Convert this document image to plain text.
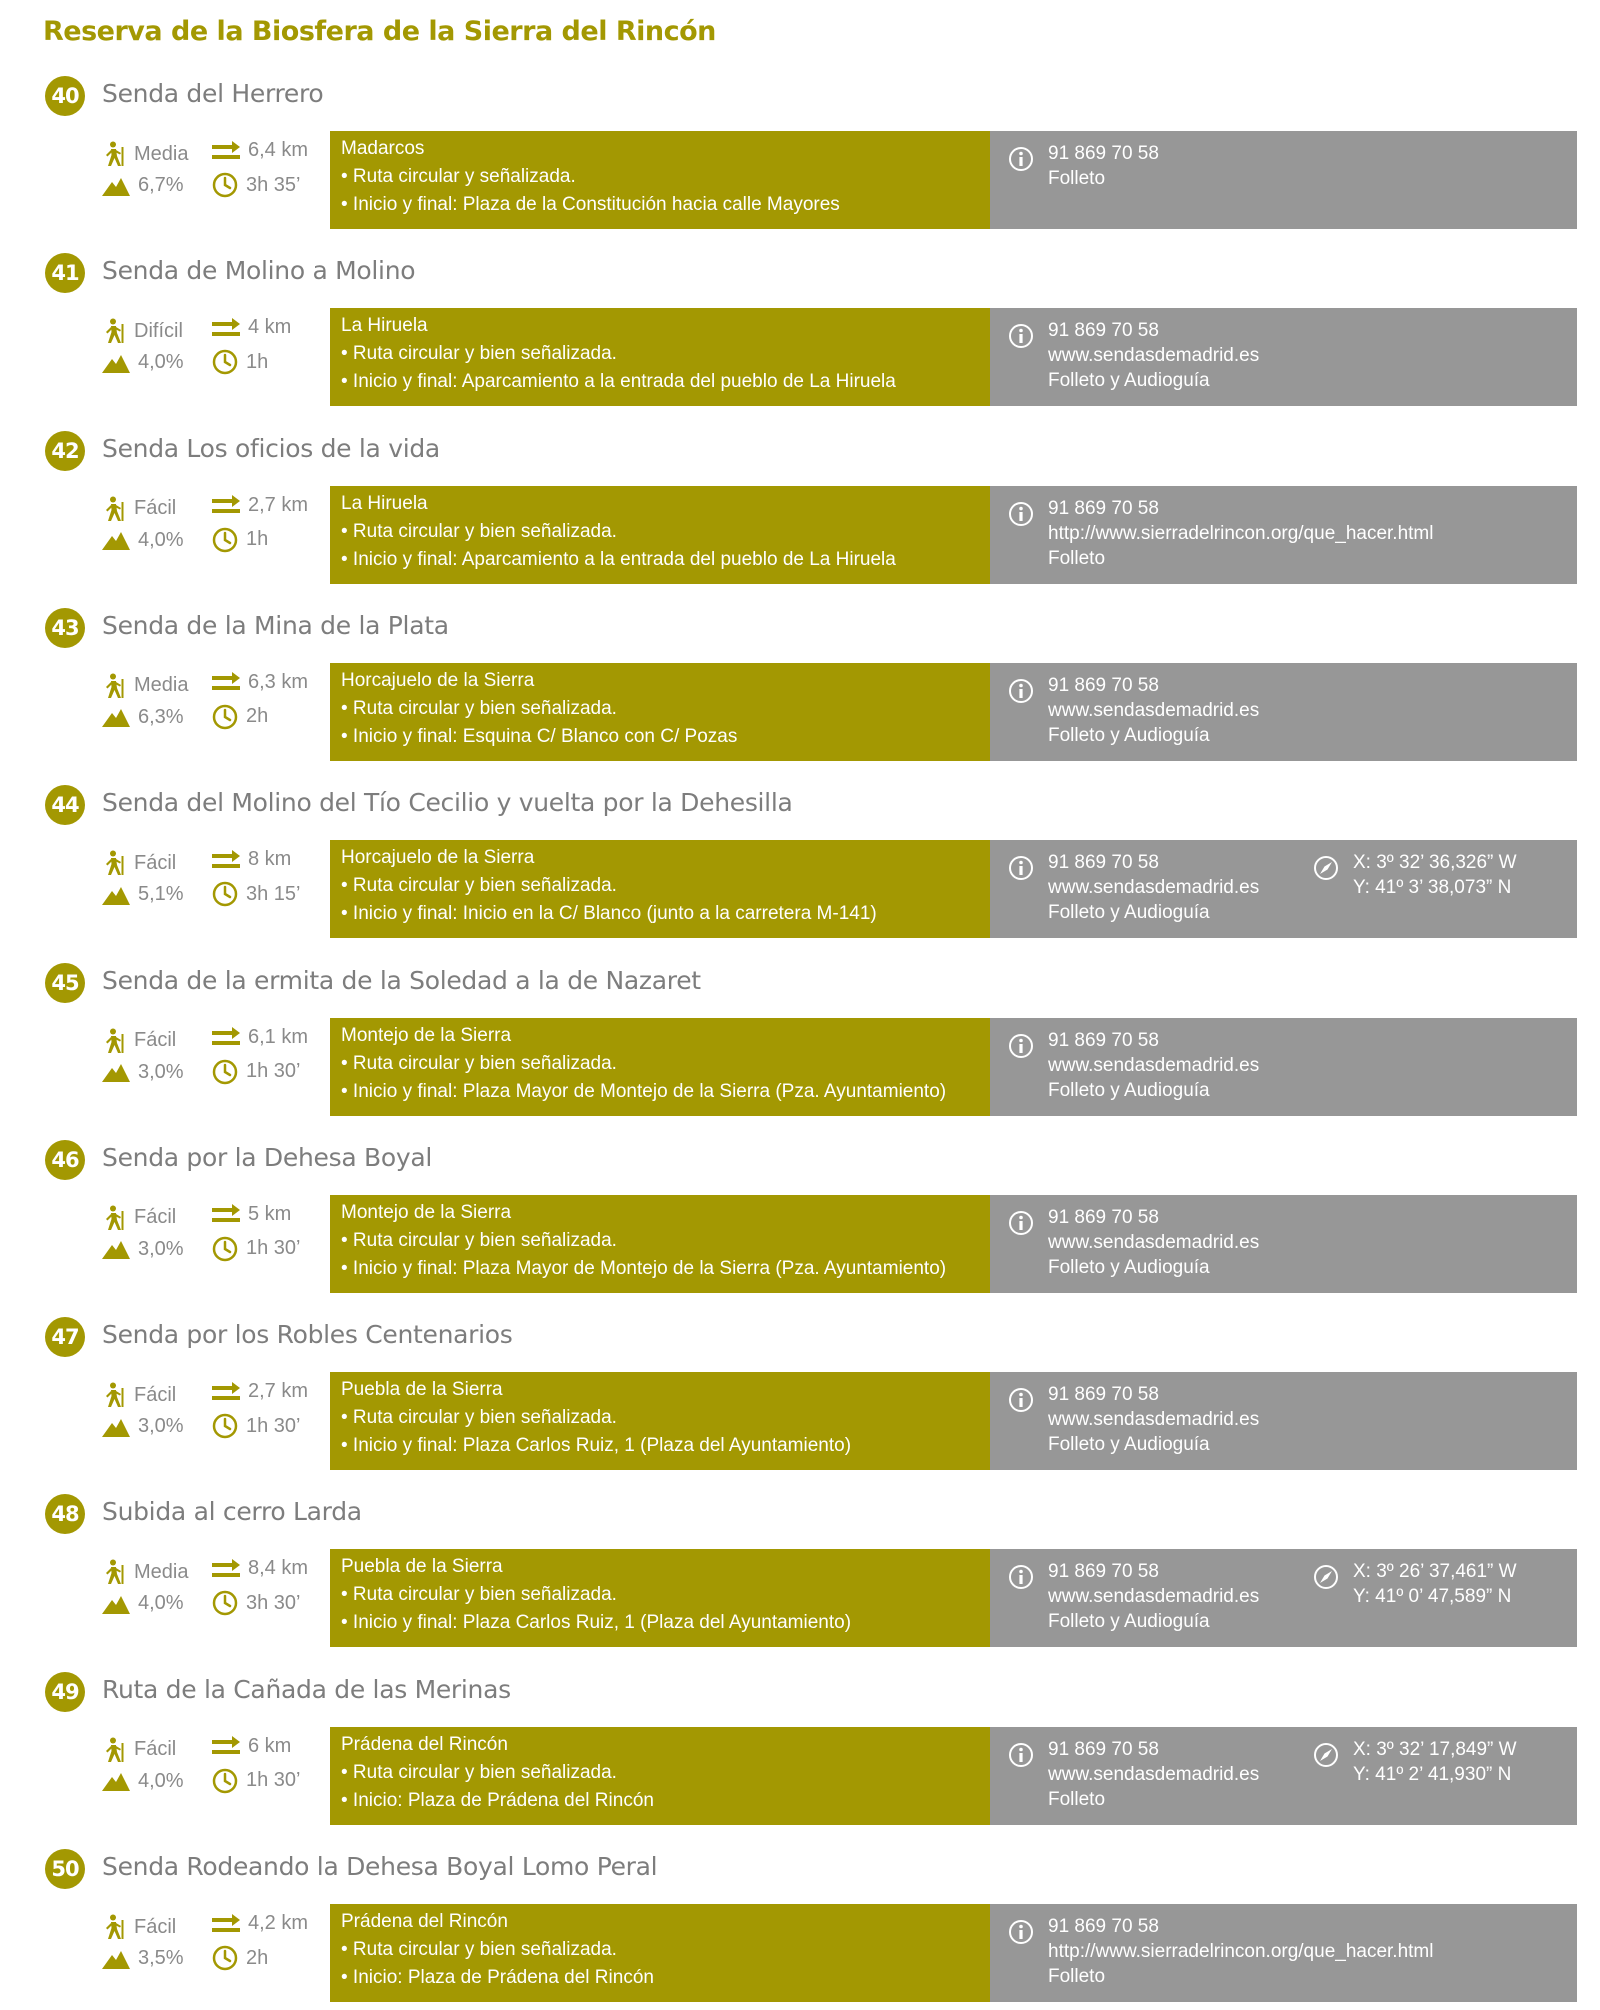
Reserva de la Biosfera de la Sierra del Rincón
40 Senda del Herrero
Media
6,7%
6,4 km
3h 35’
Madarcos
• Ruta circular y señalizada.
• Inicio y final: Plaza de la Constitución hacia calle Mayores
91 869 70 58
Folleto
41 Senda de Molino a Molino
Difícil
4,0%
4 km
1h
La Hiruela
• Ruta circular y bien señalizada.
• Inicio y final: Aparcamiento a la entrada del pueblo de La Hiruela
91 869 70 58
www.sendasdemadrid.es
Folleto y Audioguía
42 Senda Los oficios de la vida
Fácil
4,0%
2,7 km
1h
La Hiruela
• Ruta circular y bien señalizada.
• Inicio y final: Aparcamiento a la entrada del pueblo de La Hiruela
91 869 70 58
http://www.sierradelrincon.org/que_hacer.html
Folleto
43 Senda de la Mina de la Plata
Media
6,3%
6,3 km
2h
Horcajuelo de la Sierra
• Ruta circular y bien señalizada.
• Inicio y final: Esquina C/ Blanco con C/ Pozas
91 869 70 58
www.sendasdemadrid.es
Folleto y Audioguía
44 Senda del Molino del Tío Cecilio y vuelta por la Dehesilla
Fácil
5,1%
8 km
3h 15’
Horcajuelo de la Sierra
• Ruta circular y bien señalizada.
• Inicio y final: Inicio en la C/ Blanco (junto a la carretera M-141)
91 869 70 58
www.sendasdemadrid.es
Folleto y Audioguía
X: 3º 32’ 36,326” W
Y: 41º 3’ 38,073” N
45 Senda de la ermita de la Soledad a la de Nazaret
Fácil
3,0%
6,1 km
1h 30’
Montejo de la Sierra
• Ruta circular y bien señalizada.
• Inicio y final: Plaza Mayor de Montejo de la Sierra (Pza. Ayuntamiento)
91 869 70 58
www.sendasdemadrid.es
Folleto y Audioguía
46 Senda por la Dehesa Boyal
Fácil
3,0%
5 km
1h 30’
Montejo de la Sierra
• Ruta circular y bien señalizada.
• Inicio y final: Plaza Mayor de Montejo de la Sierra (Pza. Ayuntamiento)
91 869 70 58
www.sendasdemadrid.es
Folleto y Audioguía
47 Senda por los Robles Centenarios
Fácil
3,0%
2,7 km
1h 30’
Puebla de la Sierra
• Ruta circular y bien señalizada.
• Inicio y final: Plaza Carlos Ruiz, 1 (Plaza del Ayuntamiento)
91 869 70 58
www.sendasdemadrid.es
Folleto y Audioguía
48 Subida al cerro Larda
Media
4,0%
8,4 km
3h 30’
Puebla de la Sierra
• Ruta circular y bien señalizada.
• Inicio y final: Plaza Carlos Ruiz, 1 (Plaza del Ayuntamiento)
91 869 70 58
www.sendasdemadrid.es
Folleto y Audioguía
X: 3º 26’ 37,461” W
Y: 41º 0’ 47,589” N
49 Ruta de la Cañada de las Merinas
Fácil
4,0%
6 km
1h 30’
Prádena del Rincón
• Ruta circular y bien señalizada.
• Inicio: Plaza de Prádena del Rincón
91 869 70 58
www.sendasdemadrid.es
Folleto
X: 3º 32’ 17,849” W
Y: 41º 2’ 41,930” N
50 Senda Rodeando la Dehesa Boyal Lomo Peral
Fácil
3,5%
4,2 km
2h
Prádena del Rincón
• Ruta circular y bien señalizada.
• Inicio: Plaza de Prádena del Rincón
91 869 70 58
http://www.sierradelrincon.org/que_hacer.html
Folleto
